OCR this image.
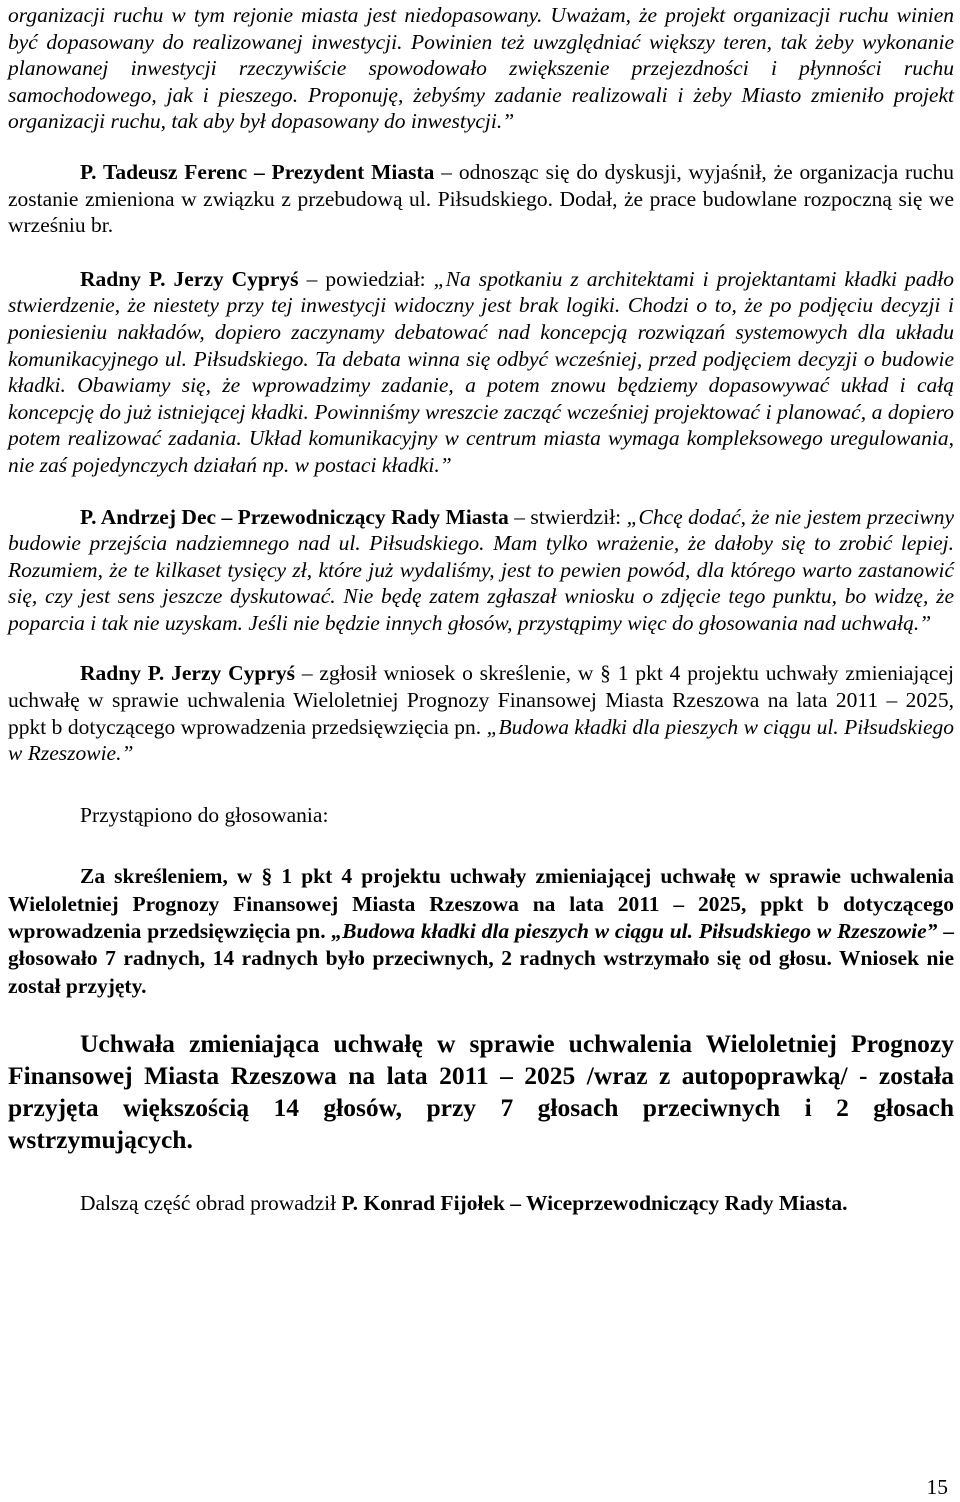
organizacji ruchu w tym rejonie miasta jest niedopasowany. Uważam, że projekt organizacji ruchu winien być dopasowany do realizowanej inwestycji. Powinien też uwzględniać większy teren, tak żeby wykonanie planowanej inwestycji rzeczywiście spowodowało zwiększenie przejezdności i płynności ruchu samochodowego, jak i pieszego. Proponuję, żebyśmy zadanie realizowali i żeby Miasto zmieniło projekt organizacji ruchu, tak aby był dopasowany do inwestycji.”

P. Tadeusz Ferenc – Prezydent Miasta – odnosząc się do dyskusji, wyjaśnił, że organizacja ruchu zostanie zmieniona w związku z przebudową ul. Piłsudskiego. Dodał, że prace budowlane rozpoczną się we wrześniu br.

Radny P. Jerzy Cypryś – powiedział: „Na spotkaniu z architektami i projektantami kładki padło stwierdzenie, że niestety przy tej inwestycji widoczny jest brak logiki. Chodzi o to, że po podjęciu decyzji i poniesieniu nakładów, dopiero zaczynamy debatować nad koncepcją rozwiązań systemowych dla układu komunikacyjnego ul. Piłsudskiego. Ta debata winna się odbyć wcześniej, przed podjęciem decyzji o budowie kładki. Obawiamy się, że wprowadzimy zadanie, a potem znowu będziemy dopasowywać układ i całą koncepcję do już istniejącej kładki. Powinniśmy wreszcie zacząć wcześniej projektować i planować, a dopiero potem realizować zadania. Układ komunikacyjny w centrum miasta wymaga kompleksowego uregulowania, nie zaś pojedynczych działań np. w postaci kładki.”

P. Andrzej Dec – Przewodniczący Rady Miasta – stwierdził: „Chcę dodać, że nie jestem przeciwny budowie przejścia nadziemnego nad ul. Piłsudskiego. Mam tylko wrażenie, że dałoby się to zrobić lepiej. Rozumiem, że te kilkaset tysięcy zł, które już wydaliśmy, jest to pewien powód, dla którego warto zastanowić się, czy jest sens jeszcze dyskutować. Nie będę zatem zgłaszał wniosku o zdjęcie tego punktu, bo widzę, że poparcia i tak nie uzyskam. Jeśli nie będzie innych głosów, przystąpimy więc do głosowania nad uchwałą.”

Radny P. Jerzy Cypryś – zgłosił wniosek o skreślenie, w § 1 pkt 4 projektu uchwały zmieniającej uchwałę w sprawie uchwalenia Wieloletniej Prognozy Finansowej Miasta Rzeszowa na lata 2011 – 2025, ppkt b dotyczącego wprowadzenia przedsięwzięcia pn. „Budowa kładki dla pieszych w ciągu ul. Piłsudskiego w Rzeszowie.”

Przystąpiono do głosowania:

Za skreśleniem, w § 1 pkt 4 projektu uchwały zmieniającej uchwałę w sprawie uchwalenia Wieloletniej Prognozy Finansowej Miasta Rzeszowa na lata 2011 – 2025, ppkt b dotyczącego wprowadzenia przedsięwzięcia pn. „Budowa kładki dla pieszych w ciągu ul. Piłsudskiego w Rzeszowie” – głosowało 7 radnych, 14 radnych było przeciwnych, 2 radnych wstrzymało się od głosu. Wniosek nie został przyjęty.

Uchwała zmieniająca uchwałę w sprawie uchwalenia Wieloletniej Prognozy Finansowej Miasta Rzeszowa na lata 2011 – 2025 /wraz z autopoprawką/ - została przyjęta większością 14 głosów, przy 7 głosach przeciwnych i 2 głosach wstrzymujących.

Dalszą część obrad prowadził P. Konrad Fijołek – Wiceprzewodniczący Rady Miasta.

15
